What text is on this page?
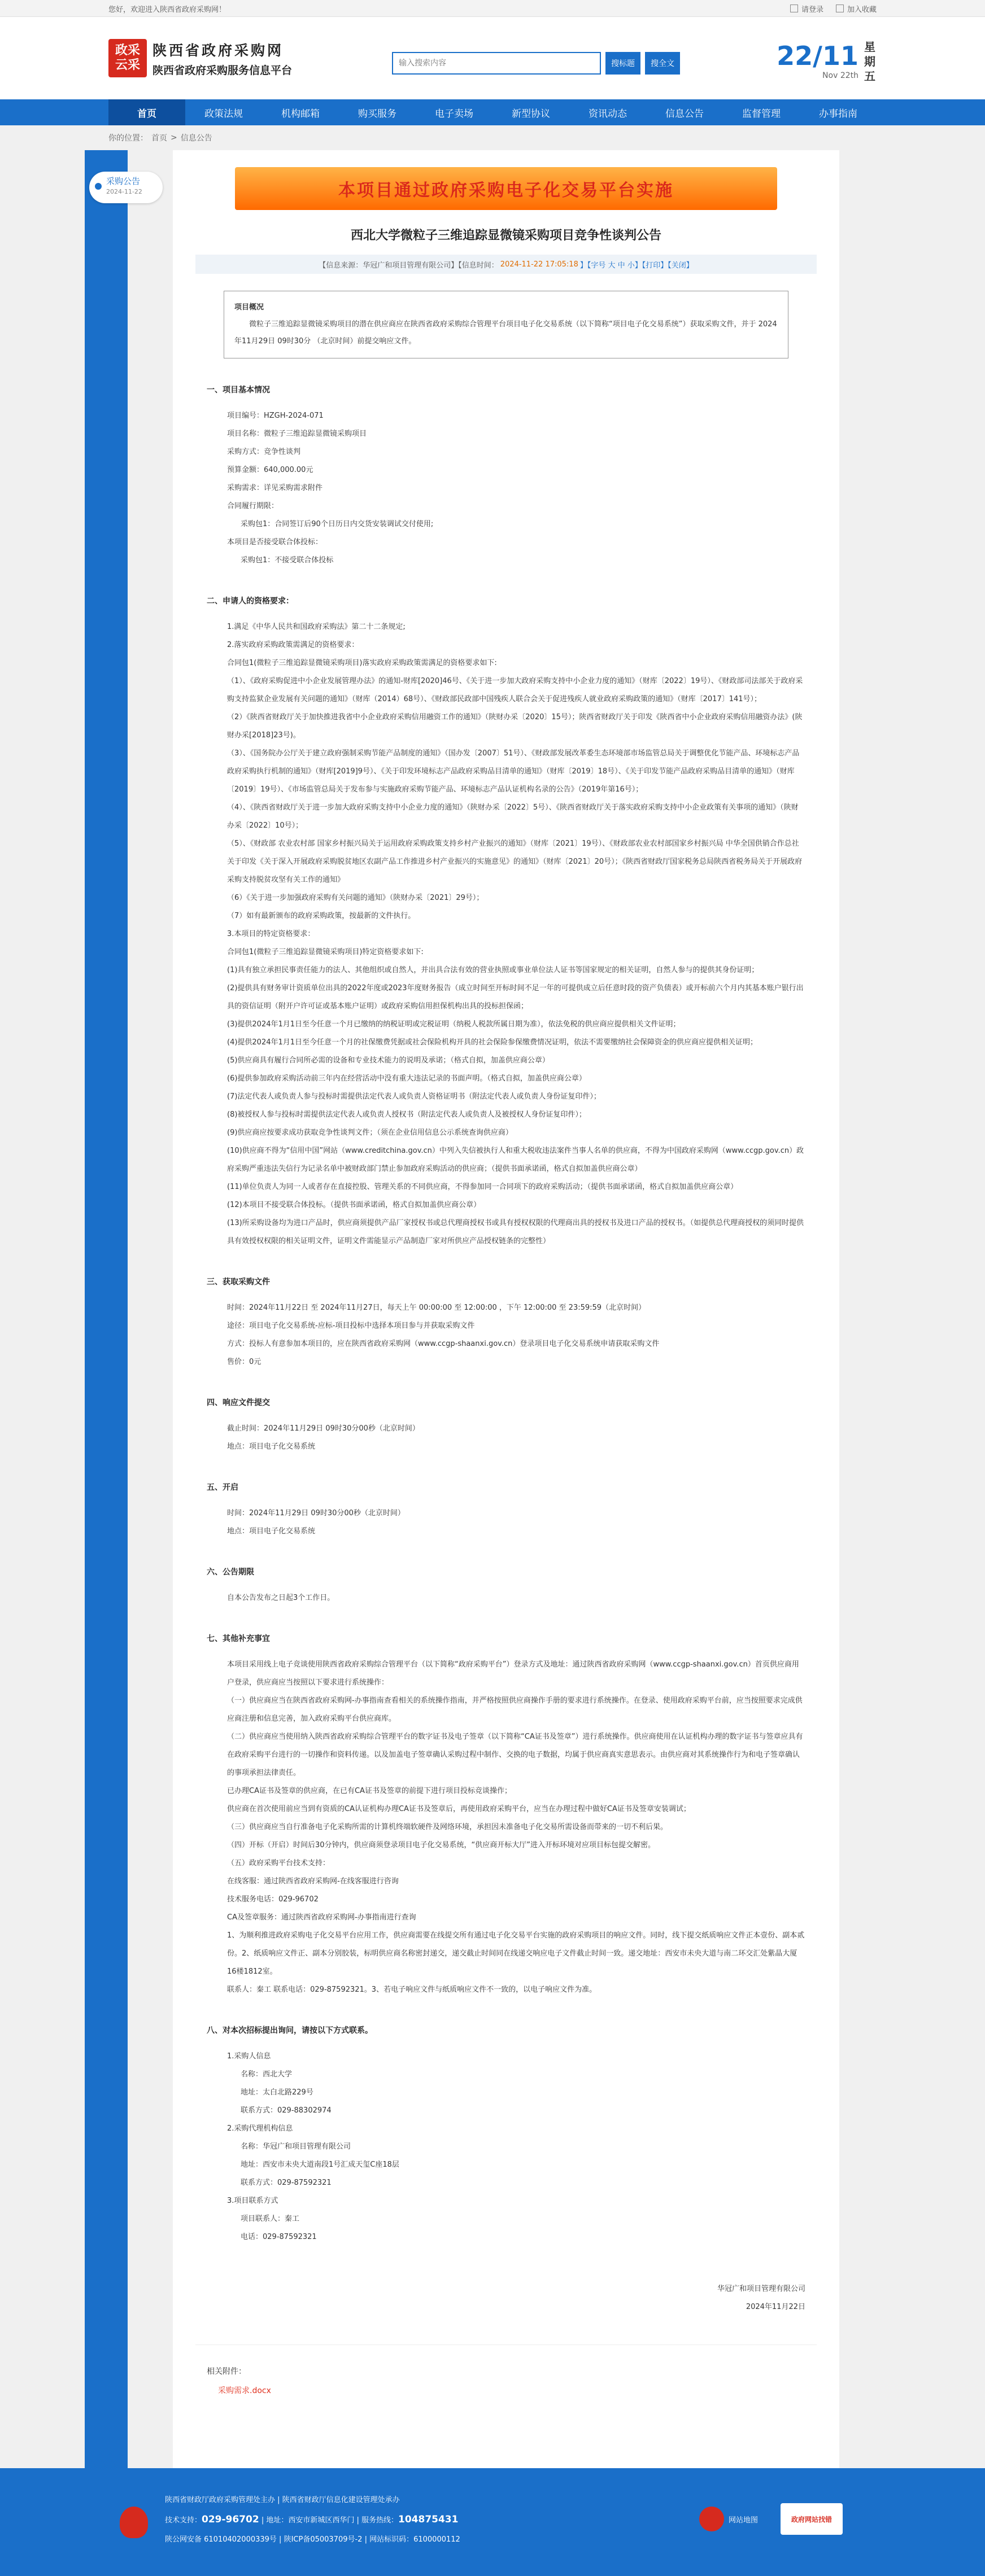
您好，欢迎进入陕西省政府采购网！	请登录	加入收藏
政采云采
陕西省政府采购网
陕西省政府采购服务信息平台
输入搜索内容
搜标题	搜全文	22/11
Nov 22th
星期五
首页	政策法规	机构邮箱	购买服务	电子卖场	新型协议	资讯动态	信息公告	监督管理	办事指南
你的位置： 首页 > 信息公告
采购公告
2024-11-22	本项目通过政府采购电子化交易平台实施
西北大学微粒子三维追踪显微镜采购项目竞争性谈判公告
【信息来源：华冠广和项目管理有限公司】【信息时间： 2024-11-22 17:05:18 】【字号 大 中 小】【打印】【关闭】
项目概况
微粒子三维追踪显微镜采购项目的潜在供应商应在陕西省政府采购综合管理平台项目电子化交易系统（以下简称“项目电子化交易系统”）获取采购文件，并于 2024年11月29日 09时30分 （北京时间）前提交响应文件。
一、项目基本情况

项目编号：HZGH-2024-071

项目名称：微粒子三维追踪显微镜采购项目

采购方式：竞争性谈判

预算金额：640,000.00元

采购需求：详见采购需求附件

合同履行期限：

采购包1：合同签订后90个日历日内交货安装调试交付使用;

本项目是否接受联合体投标：

采购包1：不接受联合体投标

二、申请人的资格要求：

1.满足《中华人民共和国政府采购法》第二十二条规定;

2.落实政府采购政策需满足的资格要求：

合同包1(微粒子三维追踪显微镜采购项目)落实政府采购政策需满足的资格要求如下:

（1）、《政府采购促进中小企业发展管理办法》的通知-财库[2020]46号、《关于进一步加大政府采购支持中小企业力度的通知》（财库〔2022〕19号）、《财政部司法部关于政府采购支持监狱企业发展有关问题的通知》（财库（2014）68号）、《财政部民政部中国残疾人联合会关于促进残疾人就业政府采购政策的通知》（财库〔2017〕141号）；

（2）《陕西省财政厅关于加快推进我省中小企业政府采购信用融资工作的通知》（陕财办采〔2020〕15号）；陕西省财政厅关于印发《陕西省中小企业政府采购信用融资办法》(陕财办采[2018]23号)。

（3）、《国务院办公厅关于建立政府强制采购节能产品制度的通知》（国办发〔2007〕51号）、《财政部发展改革委生态环境部市场监管总局关于调整优化节能产品、环境标志产品政府采购执行机制的通知》（财库[2019]9号）、《关于印发环境标志产品政府采购品目清单的通知》（财库〔2019〕18号）、《关于印发节能产品政府采购品目清单的通知》（财库〔2019〕19号）、《市场监管总局关于发布参与实施政府采购节能产品、环境标志产品认证机构名录的公告》（2019年第16号）；

（4）、《陕西省财政厅关于进一步加大政府采购支持中小企业力度的通知》（陕财办采〔2022〕5号）、《陕西省财政厅关于落实政府采购支持中小企业政策有关事项的通知》（陕财办采〔2022〕10号）；

（5）、《财政部 农业农村部 国家乡村振兴局关于运用政府采购政策支持乡村产业振兴的通知》（财库〔2021〕19号）、《财政部农业农村部国家乡村振兴局 中华全国供销合作总社关于印发《关于深入开展政府采购脱贫地区农副产品工作推进乡村产业振兴的实施意见》的通知》（财库〔2021〕20号）；《陕西省财政厅国家税务总局陕西省税务局关于开展政府采购支持脱贫攻坚有关工作的通知》

（6）《关于进一步加强政府采购有关问题的通知》（陕财办采〔2021〕29号）；

（7）如有最新颁布的政府采购政策，按最新的文件执行。

3.本项目的特定资格要求：

合同包1(微粒子三维追踪显微镜采购项目)特定资格要求如下:

(1)具有独立承担民事责任能力的法人、其他组织或自然人，并出具合法有效的营业执照或事业单位法人证书等国家规定的相关证明，自然人参与的提供其身份证明；

(2)提供具有财务审计资质单位出具的2022年度或2023年度财务报告（成立时间至开标时间不足一年的可提供成立后任意时段的资产负债表）或开标前六个月内其基本账户银行出具的资信证明（附开户许可证或基本账户证明）或政府采购信用担保机构出具的投标担保函；

(3)提供2024年1月1日至今任意一个月已缴纳的纳税证明或完税证明（纳税人税款所属日期为准），依法免税的供应商应提供相关文件证明；

(4)提供2024年1月1日至今任意一个月的社保缴费凭据或社会保险机构开具的社会保险参保缴费情况证明，依法不需要缴纳社会保障资金的供应商应提供相关证明；

(5)供应商具有履行合同所必需的设备和专业技术能力的说明及承诺；（格式自拟，加盖供应商公章）

(6)提供参加政府采购活动前三年内在经营活动中没有重大违法记录的书面声明。（格式自拟，加盖供应商公章）

(7)法定代表人或负责人参与投标时需提供法定代表人或负责人资格证明书（附法定代表人或负责人身份证复印件）；

(8)被授权人参与投标时需提供法定代表人或负责人授权书（附法定代表人或负责人及被授权人身份证复印件）；

(9)供应商应按要求成功获取竞争性谈判文件；（须在企业信用信息公示系统查询供应商）

(10)供应商不得为“信用中国”网站（www.creditchina.gov.cn）中列入失信被执行人和重大税收违法案件当事人名单的供应商，不得为中国政府采购网（www.ccgp.gov.cn）政府采购严重违法失信行为记录名单中被财政部门禁止参加政府采购活动的供应商；（提供书面承诺函，格式自拟加盖供应商公章）

(11)单位负责人为同一人或者存在直接控股、管理关系的不同供应商，不得参加同一合同项下的政府采购活动；（提供书面承诺函，格式自拟加盖供应商公章）

(12)本项目不接受联合体投标。（提供书面承诺函，格式自拟加盖供应商公章）

(13)所采购设备均为进口产品时，供应商须提供产品厂家授权书或总代理商授权书或具有授权权限的代理商出具的授权书及进口产品的授权书。（如提供总代理商授权的须同时提供具有效授权权限的相关证明文件，证明文件需能显示产品制造厂家对所供应产品授权链条的完整性）

三、获取采购文件

时间：2024年11月22日 至 2024年11月27日，每天上午 00:00:00 至 12:00:00 ，下午 12:00:00 至 23:59:59（北京时间）

途径：项目电子化交易系统-应标-项目投标中选择本项目参与并获取采购文件

方式：投标人有意参加本项目的，应在陕西省政府采购网（www.ccgp-shaanxi.gov.cn）登录项目电子化交易系统申请获取采购文件

售价：0元

四、响应文件提交

截止时间：2024年11月29日 09时30分00秒（北京时间）

地点：项目电子化交易系统

五、开启

时间：2024年11月29日 09时30分00秒（北京时间）

地点：项目电子化交易系统

六、公告期限

自本公告发布之日起3个工作日。

七、其他补充事宜

本项目采用线上电子竞谈使用陕西省政府采购综合管理平台（以下简称“政府采购平台”）登录方式及地址：通过陕西省政府采购网（www.ccgp-shaanxi.gov.cn）首页供应商用户登录，供应商应当按照以下要求进行系统操作：

（一）供应商应当在陕西省政府采购网-办事指南查看相关的系统操作指南，并严格按照供应商操作手册的要求进行系统操作。在登录、使用政府采购平台前，应当按照要求完成供应商注册和信息完善，加入政府采购平台供应商库。

（二）供应商应当使用纳入陕西省政府采购综合管理平台的数字证书及电子签章（以下简称“CA证书及签章”）进行系统操作。供应商使用在认证机构办理的数字证书与签章应具有在政府采购平台进行的一切操作和资料传递。以及加盖电子签章确认采购过程中制作、交换的电子数据，均属于供应商真实意思表示。由供应商对其系统操作行为和电子签章确认的事项承担法律责任。

已办理CA证书及签章的供应商，在已有CA证书及签章的前提下进行项目投标竞谈操作；

供应商在首次使用前应当到有资质的CA认证机构办理CA证书及签章后，再使用政府采购平台，应当在办理过程中做好CA证书及签章安装调试；

（三）供应商应当自行准备电子化采购所需的计算机终端软硬件及网络环境，承担因未准备电子化交易所需设备而带来的一切不利后果。

（四）开标（开启）时间后30分钟内，供应商须登录项目电子化交易系统，“供应商开标大厅”进入开标环境对应项目标包提交解密。

（五）政府采购平台技术支持：

在线客服：通过陕西省政府采购网-在线客服进行咨询

技术服务电话：029-96702

CA及签章服务：通过陕西省政府采购网-办事指南进行查询

1、为顺利推进政府采购电子化交易平台应用工作，供应商需要在线提交所有通过电子化交易平台实施的政府采购项目的响应文件。同时，线下提交纸质响应文件正本壹份、副本贰份。2、纸质响应文件正、副本分别胶装，标明供应商名称密封递交，递交截止时间同在线递交响应电子文件截止时间一致。递交地址：西安市未央大道与南二环交汇处紫晶大厦16楼1812室。

联系人：秦工 联系电话：029-87592321。3、若电子响应文件与纸质响应文件不一致的，以电子响应文件为准。

八、对本次招标提出询问，请按以下方式联系。

1.采购人信息

名称：西北大学

地址：太白北路229号

联系方式：029-88302974

2.采购代理机构信息

名称：华冠广和项目管理有限公司

地址：西安市未央大道南段1号汇成天玺C座18层

联系方式：029-87592321

3.项目联系方式

项目联系人：秦工

电话：029-87592321

华冠广和项目管理有限公司

2024年11月22日

相关附件：
采购需求.docx
陕西省财政厅政府采购管理处主办 | 陕西省财政厅信息化建设管理处承办
技术支持：029-96702 | 地址：西安市新城区西华门 | 服务热线：104875431
陕公网安备 61010402000339号 | 陕ICP备05003709号-2 | 网站标识码：6100000112
网站地图	政府网站找错
